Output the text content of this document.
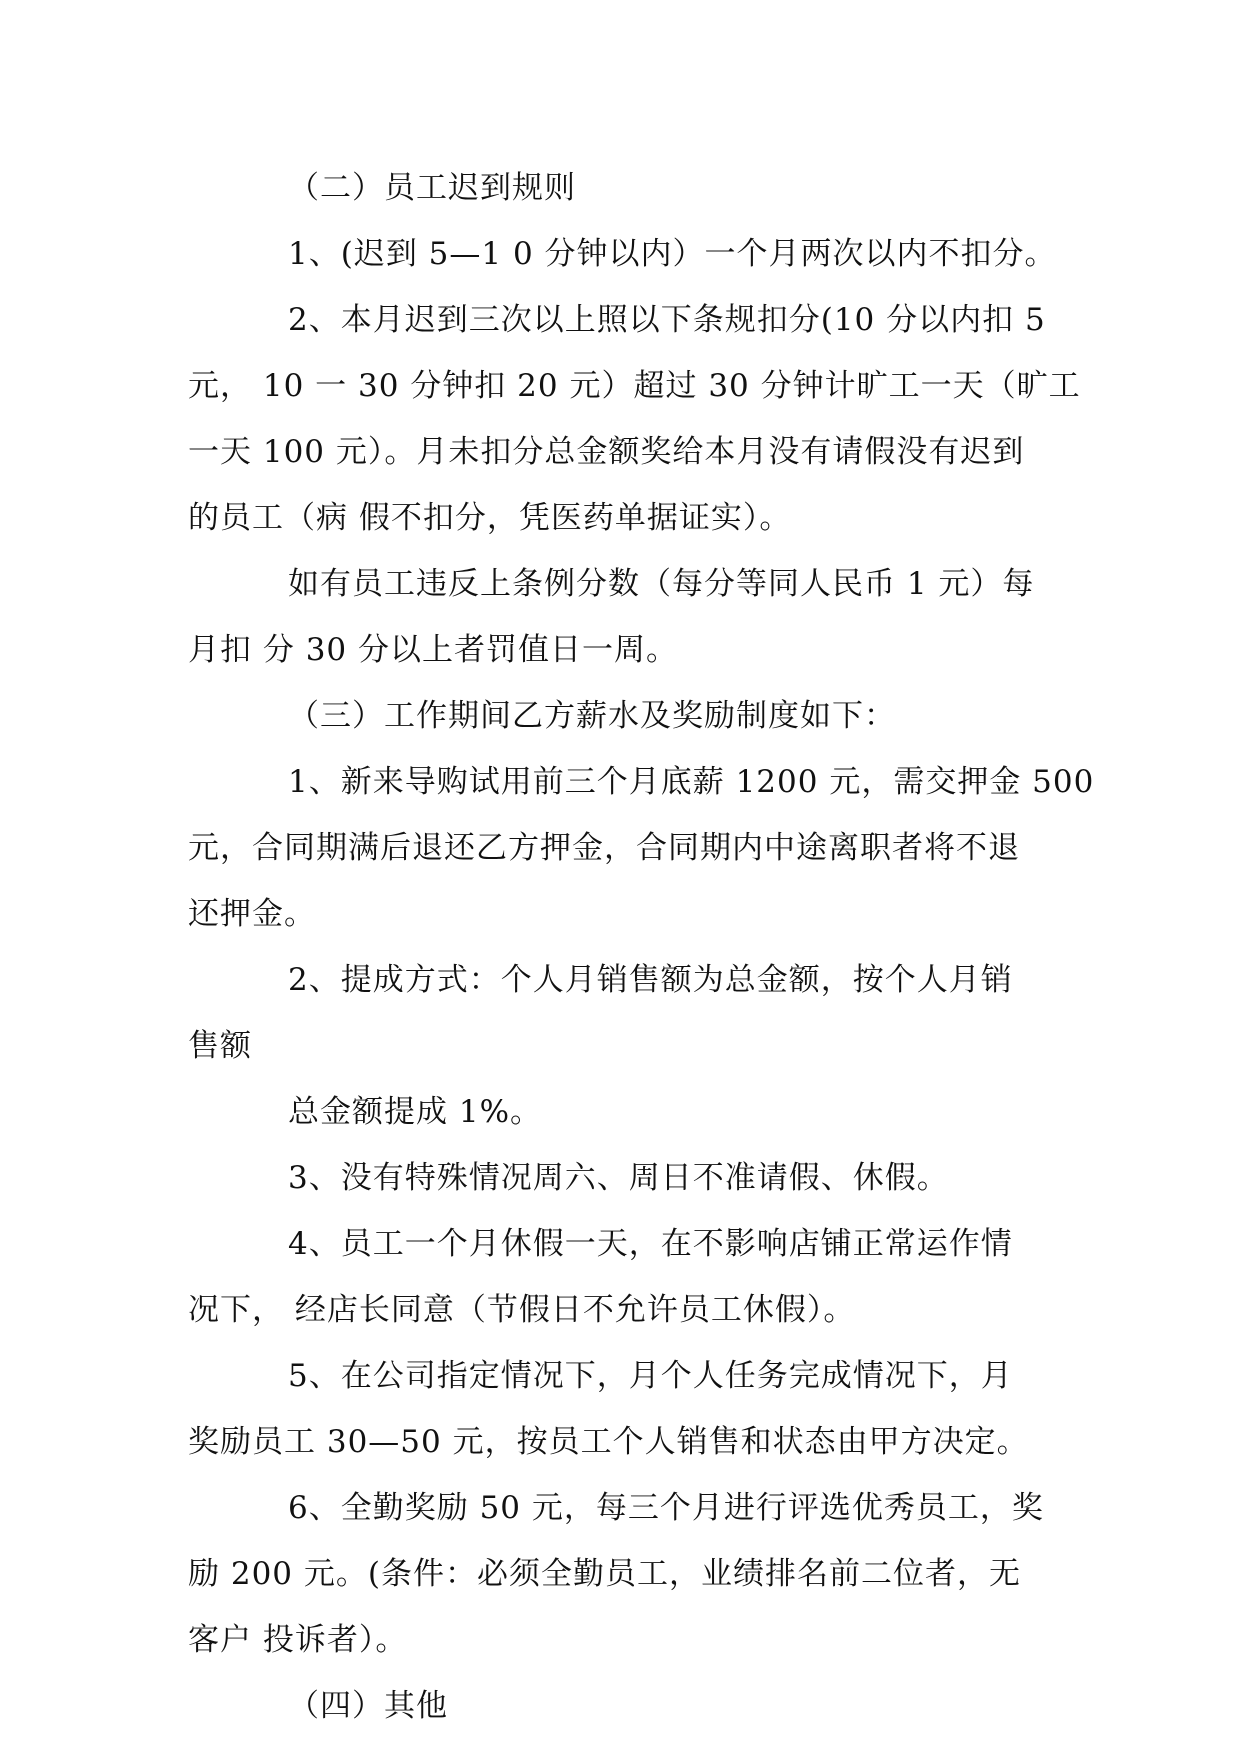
（二）员工迟到规则
1、(迟到 5—1 0 分钟以内）一个月两次以内不扣分。
2、本月迟到三次以上照以下条规扣分(10 分以内扣 5
元， 10 一 30 分钟扣 20 元）超过 30 分钟计旷工一天（旷工
一天 100 元）。月未扣分总金额奖给本月没有请假没有迟到
的员工（病 假不扣分，凭医药单据证实）。
如有员工违反上条例分数（每分等同人民币 1 元）每
月扣 分 30 分以上者罚值日一周。
（三）工作期间乙方薪水及奖励制度如下：
1、新来导购试用前三个月底薪 1200 元，需交押金 500
元，合同期满后退还乙方押金，合同期内中途离职者将不退
还押金。
2、提成方式：个人月销售额为总金额，按个人月销
售额
总金额提成 1%。
3、没有特殊情况周六、周日不准请假、休假。
4、员工一个月休假一天，在不影响店铺正常运作情
况下， 经店长同意（节假日不允许员工休假）。
5、在公司指定情况下，月个人任务完成情况下，月
奖励员工 30—50 元，按员工个人销售和状态由甲方决定。
6、全勤奖励 50 元，每三个月进行评选优秀员工，奖
励 200 元。(条件：必须全勤员工，业绩排名前二位者，无
客户 投诉者）。
（四）其他
